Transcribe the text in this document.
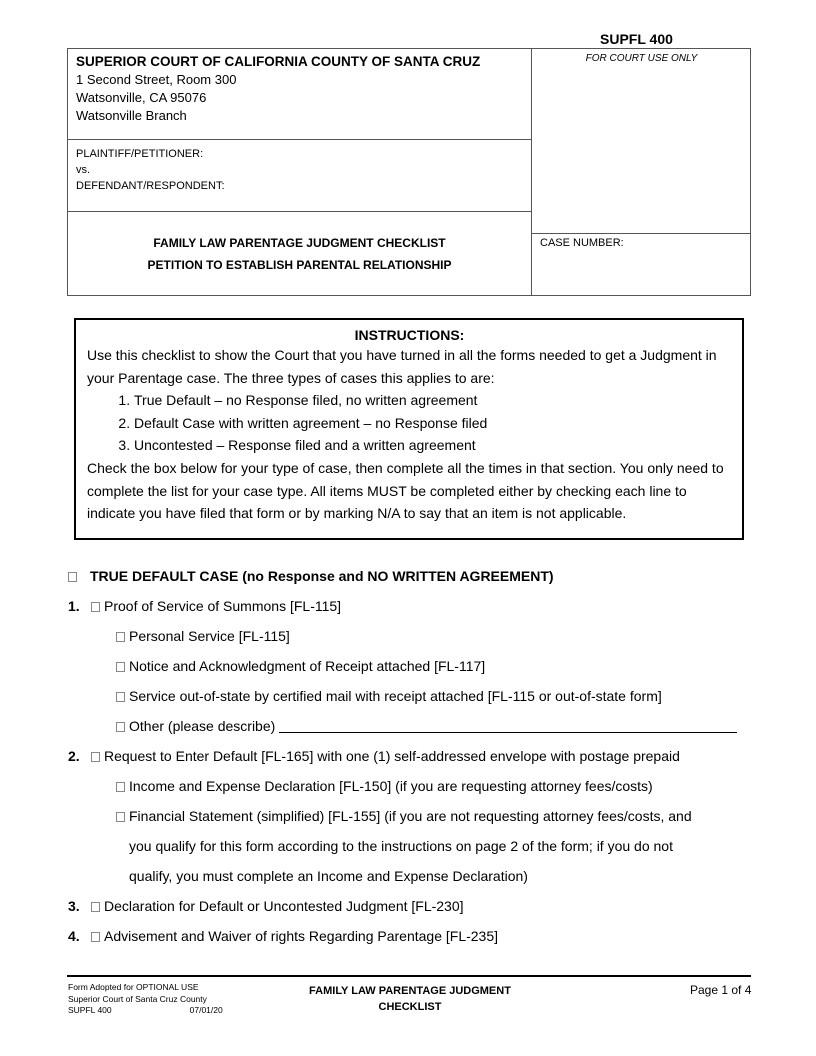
SUPFL 400
SUPERIOR COURT OF CALIFORNIA COUNTY OF SANTA CRUZ
1 Second Street, Room 300
Watsonville, CA 95076
Watsonville Branch
PLAINTIFF/PETITIONER:
vs.
DEFENDANT/RESPONDENT:
FAMILY LAW PARENTAGE JUDGMENT CHECKLIST
PETITION TO ESTABLISH PARENTAL RELATIONSHIP
FOR COURT USE ONLY
CASE NUMBER:
INSTRUCTIONS:
Use this checklist to show the Court that you have turned in all the forms needed to get a Judgment in your Parentage case. The three types of cases this applies to are:
1. True Default – no Response filed, no written agreement
2. Default Case with written agreement – no Response filed
3. Uncontested – Response filed and a written agreement
Check the box below for your type of case, then complete all the times in that section. You only need to complete the list for your case type. All items MUST be completed either by checking each line to indicate you have filed that form or by marking N/A to say that an item is not applicable.
TRUE DEFAULT CASE (no Response and NO WRITTEN AGREEMENT)
1.	Proof of Service of Summons [FL-115]
Personal Service [FL-115]
Notice and Acknowledgment of Receipt attached [FL-117]
Service out-of-state by certified mail with receipt attached [FL-115 or out-of-state form]
Other (please describe)
2.	Request to Enter Default [FL-165] with one (1) self-addressed envelope with postage prepaid
Income and Expense Declaration [FL-150] (if you are requesting attorney fees/costs)
Financial Statement (simplified) [FL-155] (if you are not requesting attorney fees/costs, and
you qualify for this form according to the instructions on page 2 of the form; if you do not
qualify, you must complete an Income and Expense Declaration)
3.	Declaration for Default or Uncontested Judgment [FL-230]
4.	Advisement and Waiver of rights Regarding Parentage [FL-235]
Form Adopted for OPTIONAL USE
Superior Court of Santa Cruz County
SUPFL 400	07/01/20
FAMILY LAW PARENTAGE JUDGMENT
CHECKLIST
Page 1 of 4
